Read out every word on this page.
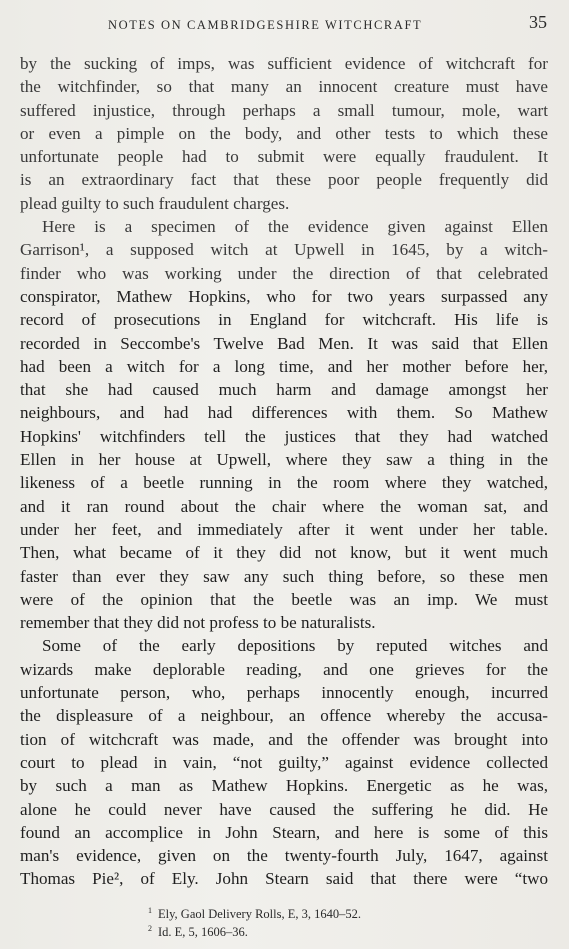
NOTES ON CAMBRIDGESHIRE WITCHCRAFT	35
by the sucking of imps, was sufficient evidence of witchcraft for
the witchfinder, so that many an innocent creature must have
suffered injustice, through perhaps a small tumour, mole, wart
or even a pimple on the body, and other tests to which these
unfortunate people had to submit were equally fraudulent. It
is an extraordinary fact that these poor people frequently did
plead guilty to such fraudulent charges.
Here is a specimen of the evidence given against Ellen
Garrison¹, a supposed witch at Upwell in 1645, by a witch-
finder who was working under the direction of that celebrated
conspirator, Mathew Hopkins, who for two years surpassed any
record of prosecutions in England for witchcraft. His life is
recorded in Seccombe's Twelve Bad Men. It was said that Ellen
had been a witch for a long time, and her mother before her,
that she had caused much harm and damage amongst her
neighbours, and had had differences with them. So Mathew
Hopkins' witchfinders tell the justices that they had watched
Ellen in her house at Upwell, where they saw a thing in the
likeness of a beetle running in the room where they watched,
and it ran round about the chair where the woman sat, and
under her feet, and immediately after it went under her table.
Then, what became of it they did not know, but it went much
faster than ever they saw any such thing before, so these men
were of the opinion that the beetle was an imp. We must
remember that they did not profess to be naturalists.
Some of the early depositions by reputed witches and
wizards make deplorable reading, and one grieves for the
unfortunate person, who, perhaps innocently enough, incurred
the displeasure of a neighbour, an offence whereby the accusa-
tion of witchcraft was made, and the offender was brought into
court to plead in vain, “not guilty,” against evidence collected
by such a man as Mathew Hopkins. Energetic as he was,
alone he could never have caused the suffering he did. He
found an accomplice in John Stearn, and here is some of this
man's evidence, given on the twenty-fourth July, 1647, against
Thomas Pie², of Ely. John Stearn said that there were “two
$^1$ Ely, Gaol Delivery Rolls, E, 3, 1640–52.
$^2$ Id. E, 5, 1606–36.
